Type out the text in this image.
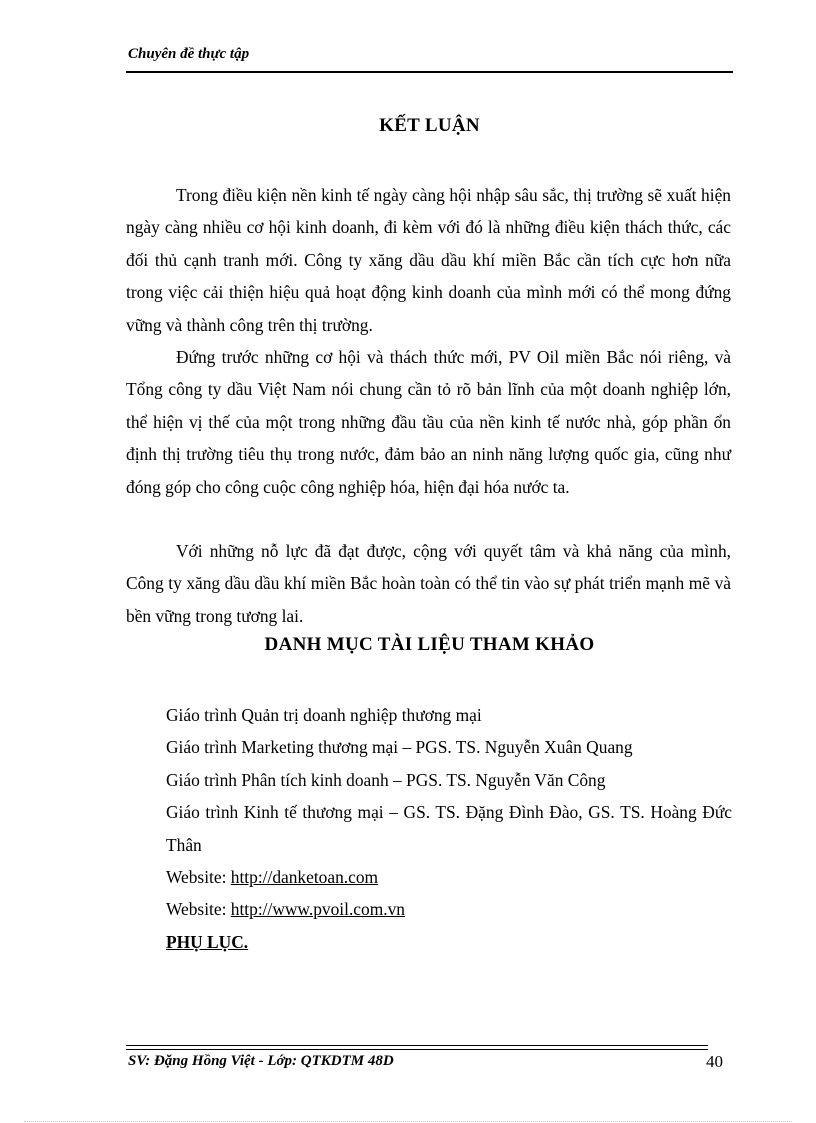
Chuyên đề thực tập
KẾT LUẬN

Trong điều kiện nền kinh tế ngày càng hội nhập sâu sắc, thị trường sẽ xuất hiện ngày càng nhiều cơ hội kinh doanh, đi kèm với đó là những điều kiện thách thức, các đối thủ cạnh tranh mới. Công ty xăng dầu dầu khí miền Bắc cần tích cực hơn nữa trong việc cải thiện hiệu quả hoạt động kinh doanh của mình mới có thể mong đứng vững và thành công trên thị trường.

Đứng trước những cơ hội và thách thức mới, PV Oil miền Bắc nói riêng, và Tổng công ty dầu Việt Nam nói chung cần tỏ rõ bản lĩnh của một doanh nghiệp lớn, thể hiện vị thế của một trong những đầu tầu của nền kinh tế nước nhà, góp phần ổn định thị trường tiêu thụ trong nước, đảm bảo an ninh năng lượng quốc gia, cũng như đóng góp cho công cuộc công nghiệp hóa, hiện đại hóa nước ta.

Với những nỗ lực đã đạt được, cộng với quyết tâm và khả năng của mình, Công ty xăng dầu dầu khí miền Bắc hoàn toàn có thể tin vào sự phát triển mạnh mẽ và bền vững trong tương lai.

DANH MỤC TÀI LIỆU THAM KHẢO
Giáo trình Quản trị doanh nghiệp thương mại
Giáo trình Marketing thương mại – PGS. TS. Nguyễn Xuân Quang
Giáo trình Phân tích kinh doanh – PGS. TS. Nguyễn Văn Công
Giáo trình Kinh tế thương mại – GS. TS. Đặng Đình Đào, GS. TS. Hoàng Đức Thân
Website: http://danketoan.com
Website: http://www.pvoil.com.vn
PHỤ LỤC.
SV: Đặng Hồng Việt - Lớp: QTKDTM 48D	40
